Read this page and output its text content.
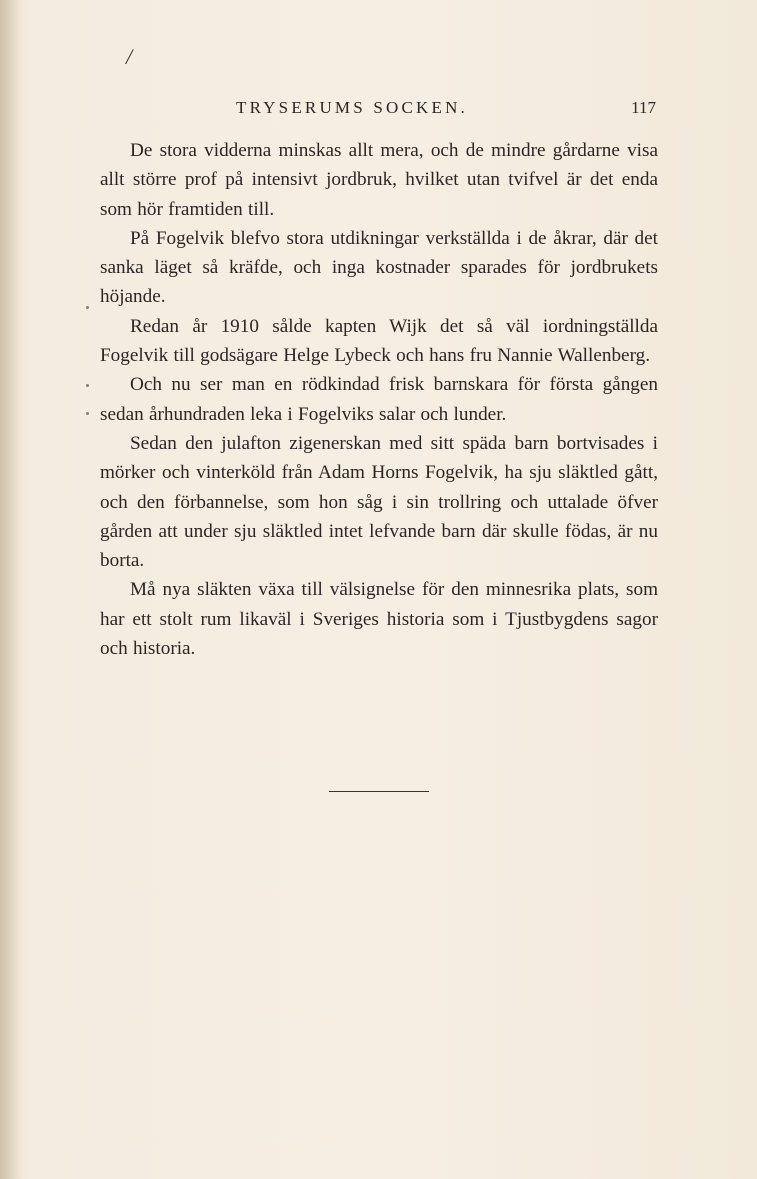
/
TRYSERUMS SOCKEN.	117

De stora vidderna minskas allt mera, och de mindre gårdarne visa allt större prof på intensivt jordbruk, hvilket utan tvifvel är det enda som hör framtiden till.

På Fogelvik blefvo stora utdikningar verkställda i de åkrar, där det sanka läget så kräfde, och inga kostnader sparades för jordbrukets höjande.

Redan år 1910 sålde kapten Wijk det så väl iordningställda Fogelvik till godsägare Helge Lybeck och hans fru Nannie Wallenberg.

Och nu ser man en rödkindad frisk barnskara för första gången sedan århundraden leka i Fogelviks salar och lunder.

Sedan den julafton zigenerskan med sitt späda barn bortvisades i mörker och vinterköld från Adam Horns Fogelvik, ha sju släktled gått, och den förbannelse, som hon såg i sin trollring och uttalade öfver gården att under sju släktled intet lefvande barn där skulle födas, är nu borta.

Må nya släkten växa till välsignelse för den minnesrika plats, som har ett stolt rum likaväl i Sveriges historia som i Tjustbygdens sagor och historia.
